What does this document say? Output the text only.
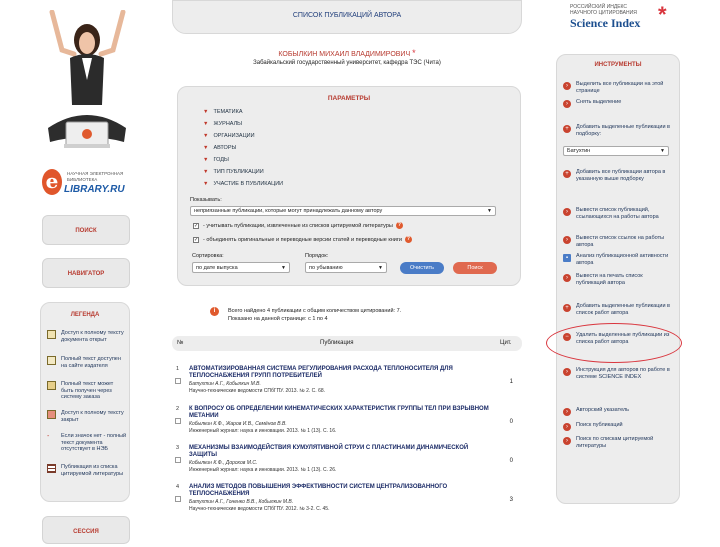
e	НАУЧНАЯ ЭЛЕКТРОННАЯ
БИБЛИОТЕКА
LIBRARY.RU
ПОИСК
НАВИГАТОР
ЛЕГЕНДА
Доступ к полному тексту документа открыт
Полный текст доступен на сайте издателя
Полный текст может быть получен через систему заказа
Доступ к полному тексту закрыт
-	Если значок нет - полный текст документа отсутствует в НЭБ
Публикация из списка цитируемой литературы
СЕССИЯ
СПИСОК ПУБЛИКАЦИЙ АВТОРА
КОБЫЛКИН МИХАИЛ ВЛАДИМИРОВИЧ *
Забайкальский государственный университет, кафедра ТЭС (Чита)
ПАРАМЕТРЫ
▼ ТЕМАТИКА
▼ ЖУРНАЛЫ
▼ ОРГАНИЗАЦИИ
▼ АВТОРЫ
▼ ГОДЫ
▼ ТИП ПУБЛИКАЦИИ
▼ УЧАСТИЕ В ПУБЛИКАЦИИ
Показывать:
неприязанные публикации, которые могут принадлежать данному автору	▼
✓ - учитывать публикации, извлеченные из списков цитируемой литературы ?
✓ - объединять оригинальные и переводные версии статей и переводные книги ?
Сортировка:
по дате выпуска	▼
Порядок:
по убыванию	▼	Очистить	Поиск
i	Всего найдено 4 публикации с общим количеством цитирований: 7.
Показано на данной странице: с 1 по 4
№	Публикация	Цит.
1 АВТОМАТИЗИРОВАННАЯ СИСТЕМА РЕГУЛИРОВАНИЯ РАСХОДА ТЕПЛОНОСИТЕЛЯ ДЛЯ ТЕПЛОСНАБЖЕНИЯ ГРУПП ПОТРЕБИТЕЛЕЙ
Батухтин А.Г., Кобылкин М.В.
Научно-технические ведомости СПбГПУ. 2013. № 2. С. 68.
1
2 К ВОПРОСУ ОБ ОПРЕДЕЛЕНИИ КИНЕМАТИЧЕСКИХ ХАРАКТЕРИСТИК ГРУППЫ ТЕЛ ПРИ ВЗРЫВНОМ МЕТАНИИ
Кобылкин К.Ф., Жаров И.В., Семёнов В.В.
Инженерный журнал: наука и инновации. 2013. № 1 (13). С. 16.
0
3 МЕХАНИЗМЫ ВЗАИМОДЕЙСТВИЯ КУМУЛЯТИВНОЙ СТРУИ С ПЛАСТИНАМИ ДИНАМИЧЕСКОЙ ЗАЩИТЫ
Кобылкин К.Ф., Дорохов М.С.
Инженерный журнал: наука и инновации. 2013. № 1 (13). С. 26.
0
4 АНАЛИЗ МЕТОДОВ ПОВЫШЕНИЯ ЭФФЕКТИВНОСТИ СИСТЕМ ЦЕНТРАЛИЗОВАННОГО ТЕПЛОСНАБЖЕНИЯ
Батухтин А.Г., Гоненко В.В., Кобылкин М.В.
Научно-технические ведомости СПбГПУ. 2012. № 3-2. С. 45.
3
РОССИЙСКИЙ ИНДЕКС
НАУЧНОГО ЦИТИРОВАНИЯ
Science Index *
ИНСТРУМЕНТЫ
›	Выделить все публикации на этой странице
›	Снять выделение
+	Добавить выделенные публикации в подборку:
Батухтин	▼
+	Добавить все публикации автора в указанную выше подборку
›	Вывести список публикаций, ссылающихся на работы автора
›	Вывести список ссылок на работы автора
▪	Анализ публикационной активности автора
›	Вывести на печать список публикаций автора
+	Добавить выделенные публикации в список работ автора
−	Удалить выделенные публикации из списка работ автора
›	Инструкция для авторов по работе в системе SCIENCE INDEX
›	Авторский указатель
›	Поиск публикаций
›	Поиск по спискам цитируемой литературы
